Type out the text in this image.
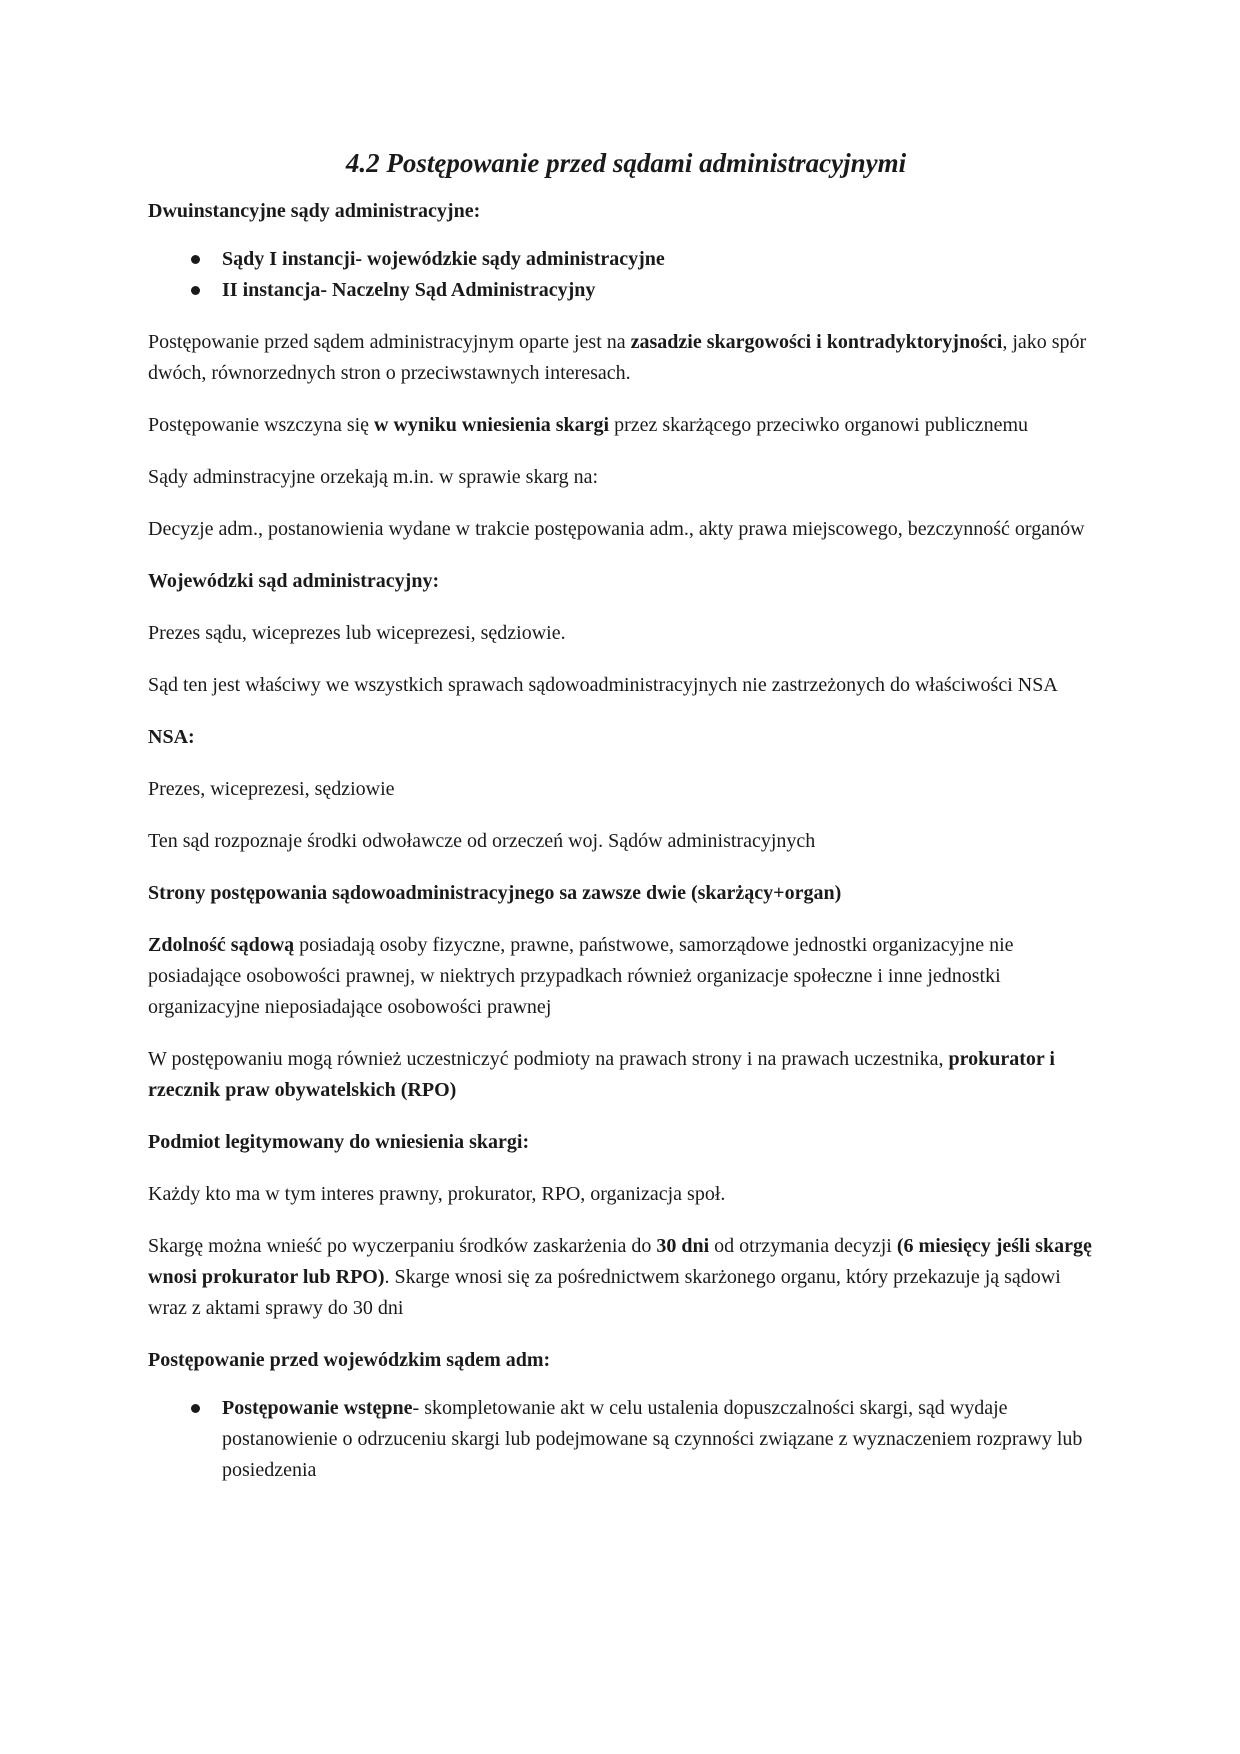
4.2 Postępowanie przed sądami administracyjnymi

Dwuinstancyjne sądy administracyjne:

Sądy I instancji- wojewódzkie sądy administracyjne
II instancja- Naczelny Sąd Administracyjny

Postępowanie przed sądem administracyjnym oparte jest na zasadzie skargowości i kontradyktoryjności, jako spór dwóch, równorzednych stron o przeciwstawnych interesach.

Postępowanie wszczyna się w wyniku wniesienia skargi przez skarżącego przeciwko organowi publicznemu

Sądy adminstracyjne orzekają m.in. w sprawie skarg na:

Decyzje adm., postanowienia wydane w trakcie postępowania adm., akty prawa miejscowego, bezczynność organów

Wojewódzki sąd administracyjny:

Prezes sądu, wiceprezes lub wiceprezesi, sędziowie.

Sąd ten jest właściwy we wszystkich sprawach sądowoadministracyjnych nie zastrzeżonych do właściwości NSA

NSA:

Prezes, wiceprezesi, sędziowie

Ten sąd rozpoznaje środki odwoławcze od orzeczeń woj. Sądów administracyjnych

Strony postępowania sądowoadministracyjnego sa zawsze dwie (skarżący+organ)

Zdolność sądową posiadają osoby fizyczne, prawne, państwowe, samorządowe jednostki organizacyjne nie posiadające osobowości prawnej, w niektrych przypadkach również organizacje społeczne i inne jednostki organizacyjne nieposiadające osobowości prawnej

W postępowaniu mogą również uczestniczyć podmioty na prawach strony i na prawach uczestnika, prokurator i rzecznik praw obywatelskich (RPO)

Podmiot legitymowany do wniesienia skargi:

Każdy kto ma w tym interes prawny, prokurator, RPO, organizacja społ.

Skargę można wnieść po wyczerpaniu środków zaskarżenia do 30 dni od otrzymania decyzji (6 miesięcy jeśli skargę wnosi prokurator lub RPO). Skarge wnosi się za pośrednictwem skarżonego organu, który przekazuje ją sądowi wraz z aktami sprawy do 30 dni

Postępowanie przed wojewódzkim sądem adm:

Postępowanie wstępne- skompletowanie akt w celu ustalenia dopuszczalności skargi, sąd wydaje postanowienie o odrzuceniu skargi lub podejmowane są czynności związane z wyznaczeniem rozprawy lub posiedzenia
